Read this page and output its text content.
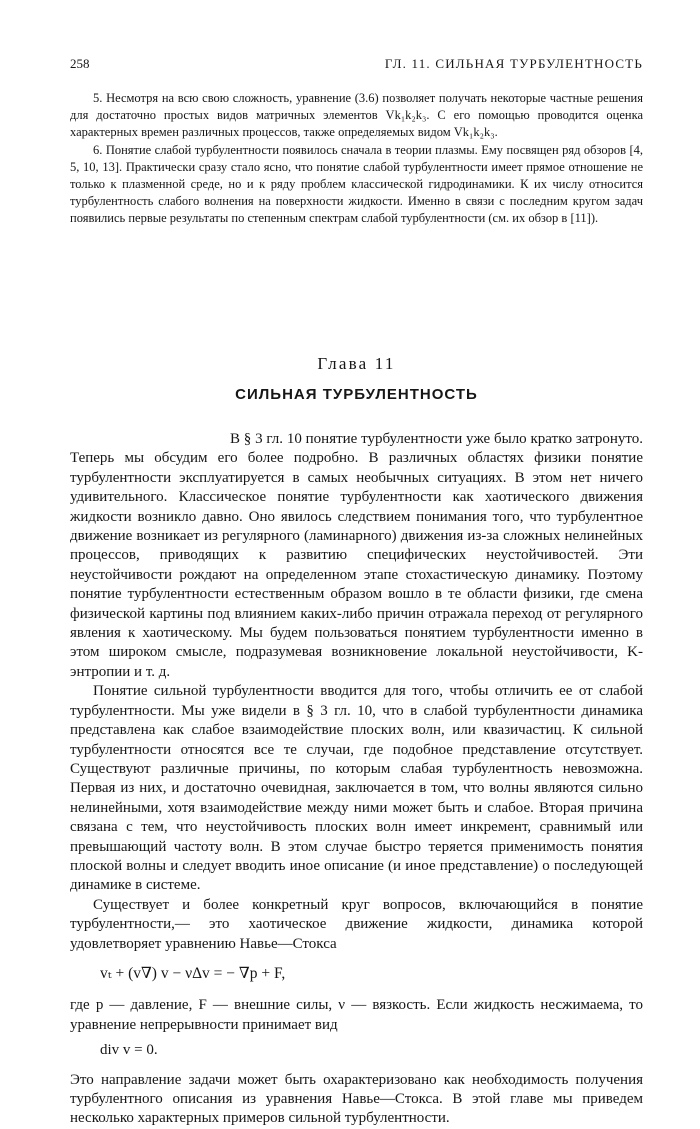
258	ГЛ. 11. СИЛЬНАЯ ТУРБУЛЕНТНОСТЬ

5. Несмотря на всю свою сложность, уравнение (3.6) позволяет получать некоторые частные решения для достаточно простых видов матричных элементов Vk₁k₂k₃. С его помощью проводится оценка характерных времен различных процессов, также определяемых видом Vk₁k₂k₃.

6. Понятие слабой турбулентности появилось сначала в теории плазмы. Ему посвящен ряд обзоров [4, 5, 10, 13]. Практически сразу стало ясно, что понятие слабой турбулентности имеет прямое отношение не только к плазменной среде, но и к ряду проблем классической гидродинамики. К их числу относится турбулентность слабого волнения на поверхности жидкости. Именно в связи с последним кругом задач появились первые результаты по степенным спектрам слабой турбулентности (см. их обзор в [11]).

Глава 11
СИЛЬНАЯ ТУРБУЛЕНТНОСТЬ

В § 3 гл. 10 понятие турбулентности уже было кратко затронуто. Теперь мы обсудим его более подробно. В различных областях физики понятие турбулентности эксплуатируется в самых необычных ситуациях. В этом нет ничего удивительного. Классическое понятие турбулентности как хаотического движения жидкости возникло давно. Оно явилось следствием понимания того, что турбулентное движение возникает из регулярного (ламинарного) движения из-за сложных нелинейных процессов, приводящих к развитию специфических неустойчивостей. Эти неустойчивости рождают на определенном этапе стохастическую динамику. Поэтому понятие турбулентности естественным образом вошло в те области физики, где смена физической картины под влиянием каких-либо причин отражала переход от регулярного явления к хаотическому. Мы будем пользоваться понятием турбулентности именно в этом широком смысле, подразумевая возникновение локальной неустойчивости, K-энтропии и т. д.

Понятие сильной турбулентности вводится для того, чтобы отличить ее от слабой турбулентности. Мы уже видели в § 3 гл. 10, что в слабой турбулентности динамика представлена как слабое взаимодействие плоских волн, или квазичастиц. К сильной турбулентности относятся все те случаи, где подобное представление отсутствует. Существуют различные причины, по которым слабая турбулентность невозможна. Первая из них, и достаточно очевидная, заключается в том, что волны являются сильно нелинейными, хотя взаимодействие между ними может быть и слабое. Вторая причина связана с тем, что неустойчивость плоских волн имеет инкремент, сравнимый или превышающий частоту волн. В этом случае быстро теряется применимость понятия плоской волны и следует вводить иное описание (и иное представление) о последующей динамике в системе.

Существует и более конкретный круг вопросов, включающийся в понятие турбулентности,— это хаотическое движение жидкости, динамика которой удовлетворяет уравнению Навье—Стокса

vₜ + (v∇) v − νΔv = − ∇p + F,

где p — давление, F — внешние силы, ν — вязкость. Если жидкость несжимаема, то уравнение непрерывности принимает вид

div v = 0.

Это направление задачи может быть охарактеризовано как необходимость получения турбулентного описания из уравнения Навье—Стокса. В этой главе мы приведем несколько характерных примеров сильной турбулентности.
